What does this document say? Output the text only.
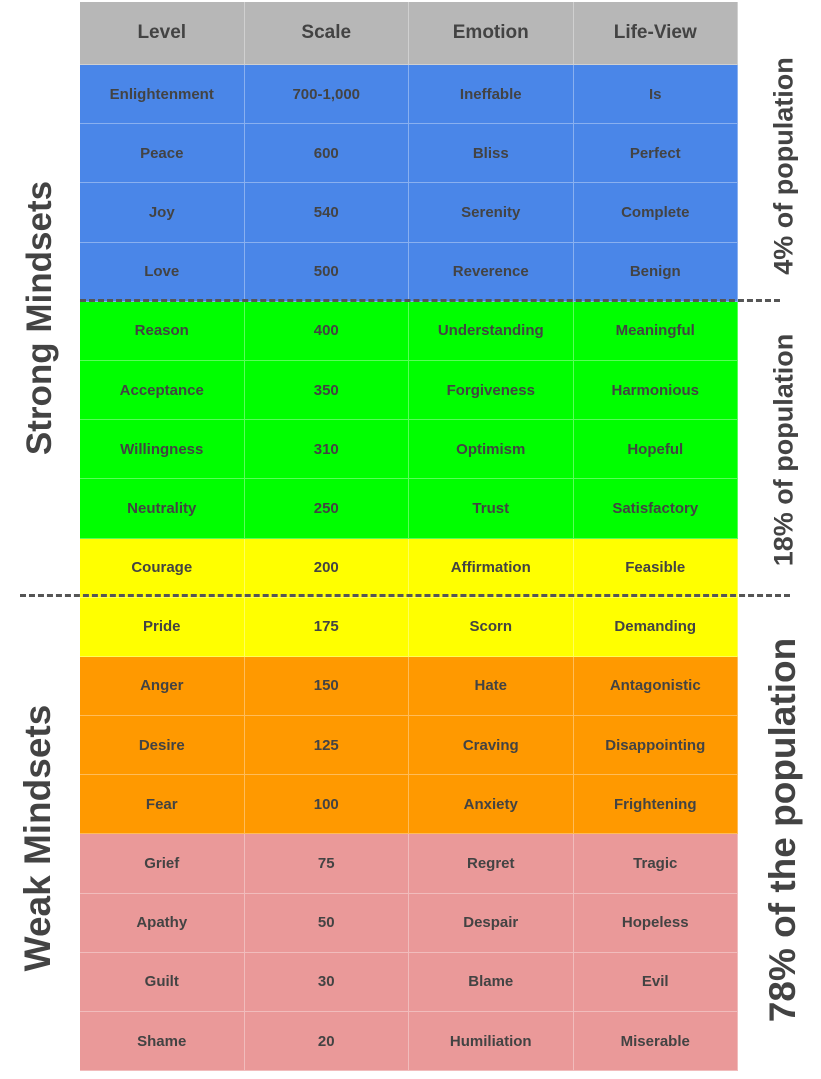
Level	Scale	Emotion	Life-View
Enlightenment	700-1,000	Ineffable	Is
Peace	600	Bliss	Perfect
Joy	540	Serenity	Complete
Love	500	Reverence	Benign
Reason	400	Understanding	Meaningful
Acceptance	350	Forgiveness	Harmonious
Willingness	310	Optimism	Hopeful
Neutrality	250	Trust	Satisfactory
Courage	200	Affirmation	Feasible
Pride	175	Scorn	Demanding
Anger	150	Hate	Antagonistic
Desire	125	Craving	Disappointing
Fear	100	Anxiety	Frightening
Grief	75	Regret	Tragic
Apathy	50	Despair	Hopeless
Guilt	30	Blame	Evil
Shame	20	Humiliation	Miserable
Strong Mindsets
Weak Mindsets
4% of population
18% of population
78% of the population
